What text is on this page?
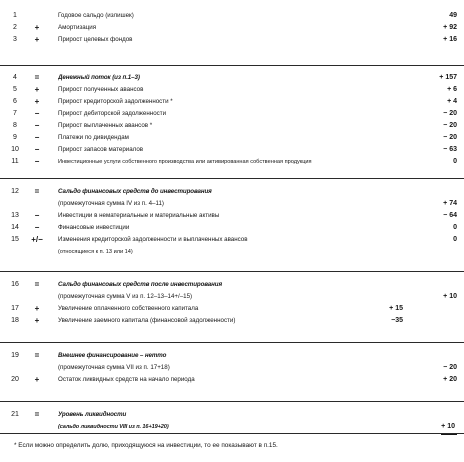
1	Годовое сальдо (излишек)	49
2	+	Амортизация	+ 92
3	+	Прирост целевых фондов	+ 16
4	=	Денежный поток (из п.1–3)	+ 157
5	+	Прирост полученных авансов	+ 6
6	+	Прирост кредиторской задолженности *	+ 4
7	−	Прирост дебиторской задолженности	− 20
8	−	Прирост выплаченных авансов *	− 20
9	−	Платежи по дивидендам	− 20
10	−	Прирост запасов материалов	− 63
11	−	Инвестиционные услуги собственного производства или активированная собственная продукция	0
12	=	Сальдо финансовых средств до инвестирования
(промежуточная сумма IV из п. 4–11)	+ 74
13	−	Инвестиции в нематериальные и материальные активы	− 64
14	−	Финансовые инвестиции	0
15	+/−	Изменения кредиторской задолженности и выплаченных авансов	0
(относящиеся к п. 13 или 14)
16	=	Сальдо финансовых средств после инвестирования
(промежуточная сумма V из п. 12–13–14+/–15)	+ 10
17	+	Увеличение оплаченного собственного капитала	+ 15
18	+	Увеличение заемного капитала (финансовой задолженности)	−35
19	=	Внешнее финансирование – нетто
(промежуточная сумма VII из п. 17+18)	− 20
20	+	Остаток ликвидных средств на начало периода	+ 20
21	=	Уровень ликвидности
(сальдо ликвидности VIII из п. 16+19+20)	+ 10
* Если можно определить долю, приходящуюся на инвестиции, то ее показывают в п.15.
